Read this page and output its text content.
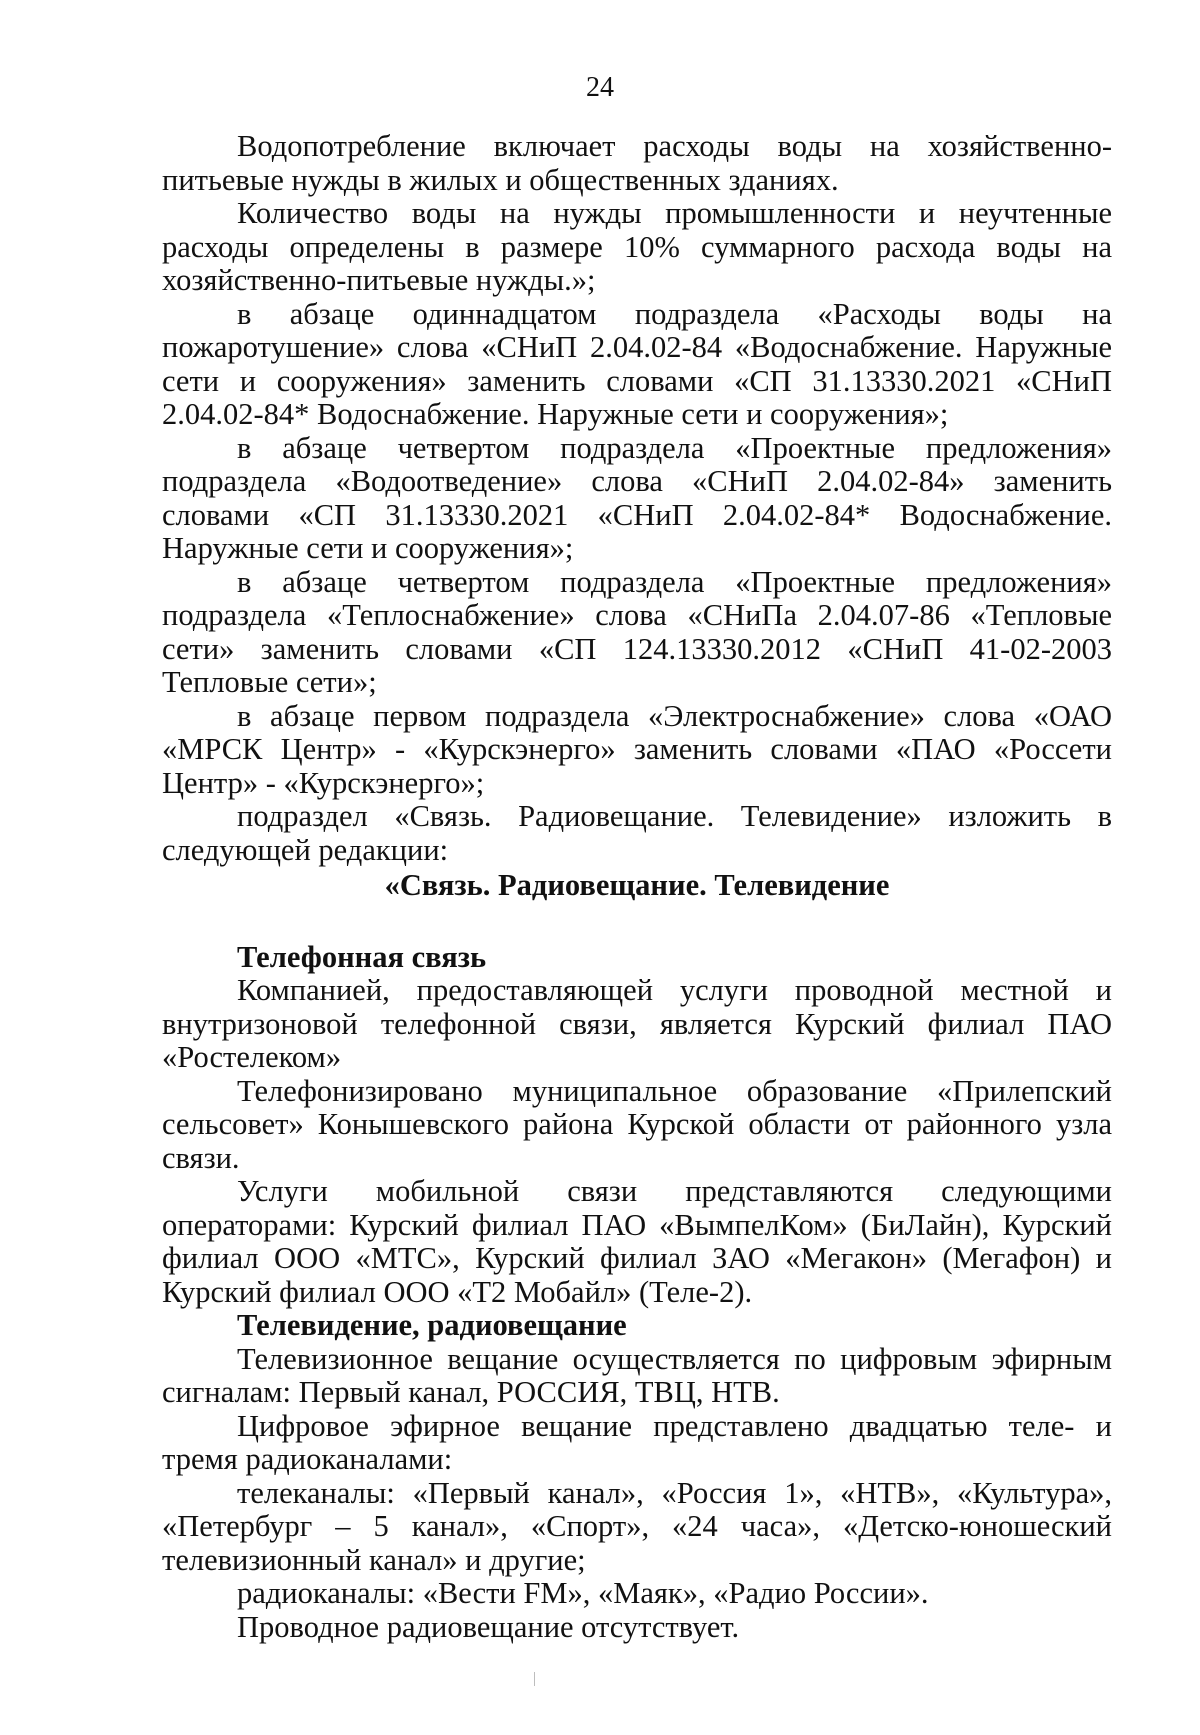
24

Водопотребление включает расходы воды на хозяйственно-питьевые нужды в жилых и общественных зданиях.

Количество воды на нужды промышленности и неучтенные расходы определены в размере 10% суммарного расхода воды на хозяйственно-питьевые нужды.»;

в абзаце одиннадцатом подраздела «Расходы воды на пожаротушение» слова «СНиП 2.04.02-84 «Водоснабжение. Наружные сети и сооружения» заменить словами «СП 31.13330.2021 «СНиП 2.04.02-84* Водоснабжение. Наружные сети и сооружения»;

в абзаце четвертом подраздела «Проектные предложения» подраздела «Водоотведение» слова «СНиП 2.04.02-84» заменить словами «СП 31.13330.2021 «СНиП 2.04.02-84* Водоснабжение. Наружные сети и сооружения»;

в абзаце четвертом подраздела «Проектные предложения» подраздела «Теплоснабжение» слова «СНиПа 2.04.07-86 «Тепловые сети» заменить словами «СП 124.13330.2012 «СНиП 41-02-2003 Тепловые сети»;

в абзаце первом подраздела «Электроснабжение» слова «ОАО «МРСК Центр» - «Курскэнерго» заменить словами «ПАО «Россети Центр» - «Курскэнерго»;

подраздел «Связь. Радиовещание. Телевидение» изложить в следующей редакции:

«Связь. Радиовещание. Телевидение

Телефонная связь

Компанией, предоставляющей услуги проводной местной и внутризоновой телефонной связи, является Курский филиал ПАО «Ростелеком»

Телефонизировано муниципальное образование «Прилепский сельсовет» Конышевского района Курской области от районного узла связи.

Услуги мобильной связи представляются следующими операторами: Курский филиал ПАО «ВымпелКом» (БиЛайн), Курский филиал ООО «МТС», Курский филиал ЗАО «Мегакон» (Мегафон) и Курский филиал ООО «Т2 Мобайл» (Теле-2).

Телевидение, радиовещание

Телевизионное вещание осуществляется по цифровым эфирным сигналам: Первый канал, РОССИЯ, ТВЦ, НТВ.

Цифровое эфирное вещание представлено двадцатью теле- и тремя радиоканалами:

телеканалы: «Первый канал», «Россия 1», «НТВ», «Культура», «Петербург – 5 канал», «Спорт», «24 часа», «Детско-юношеский телевизионный канал» и другие;

радиоканалы: «Вести FM», «Маяк», «Радио России».

Проводное радиовещание отсутствует.
